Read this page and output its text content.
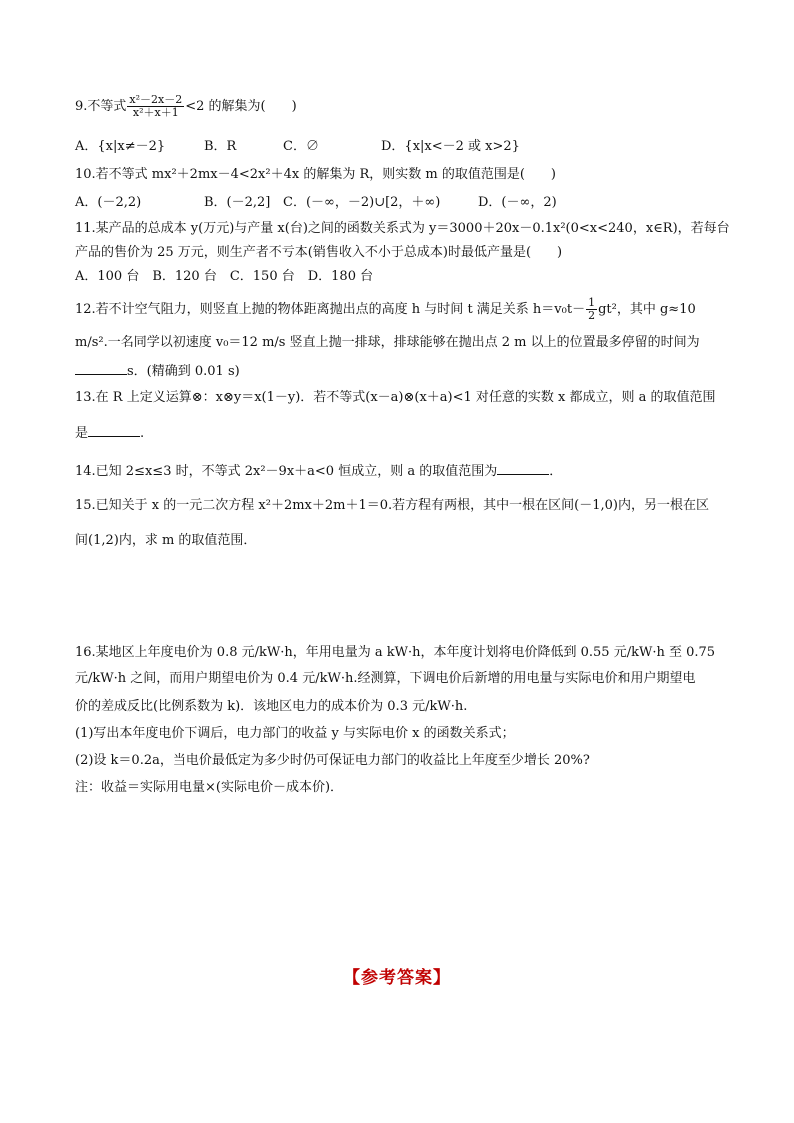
9.不等式 $\frac{\text{x²－2x－2}}{\text{x²＋x＋1}} <2$ 的解集为(　　)
A．{x|x≠－2}	B．R	C．∅	D．{x|x<－2 或 x>2}
10.若不等式 mx²＋2mx－4<2x²＋4x 的解集为 R，则实数 m 的取值范围是(　　)
A．(－2,2)	B．(－2,2] C．(－∞，－2)∪[2，＋∞)	D．(－∞，2)
11.某产品的总成本 y(万元)与产量 x(台)之间的函数关系式为 y＝3000＋20x－0.1x²(0<x<240，x∈R)，若每台
产品的售价为 25 万元，则生产者不亏本(销售收入不小于总成本)时最低产量是(　　)
A．100 台　B．120 台　C．150 台　D．180 台
12.若不计空气阻力，则竖直上抛的物体距离抛出点的高度 h 与时间 t 满足关系 $h=v_0t- \frac{1}{2} gt^2$，其中 g≈10
m/s².一名同学以初速度 v₀＝12 m/s 竖直上抛一排球，排球能够在抛出点 2 m 以上的位置最多停留的时间为
s．(精确到 0.01 s)
13.在 R 上定义运算⊗：x⊗y＝x(1－y)．若不等式(x－a)⊗(x＋a)<1 对任意的实数 x 都成立，则 a 的取值范围
是	.
14.已知 2≤x≤3 时，不等式 2x²－9x＋a<0 恒成立，则 a 的取值范围为	．
15.已知关于 x 的一元二次方程 x²＋2mx＋2m＋1＝0.若方程有两根，其中一根在区间(－1,0)内，另一根在区
间(1,2)内，求 m 的取值范围．
16.某地区上年度电价为 0.8 元/kW·h，年用电量为 a kW·h，本年度计划将电价降低到 0.55 元/kW·h 至 0.75
元/kW·h 之间，而用户期望电价为 0.4 元/kW·h.经测算，下调电价后新增的用电量与实际电价和用户期望电
价的差成反比(比例系数为 k)．该地区电力的成本价为 0.3 元/kW·h.
(1)写出本年度电价下调后，电力部门的收益 y 与实际电价 x 的函数关系式；
(2)设 k＝0.2a，当电价最低定为多少时仍可保证电力部门的收益比上年度至少增长 20%?
注：收益＝实际用电量×(实际电价－成本价)．
【参考答案】
